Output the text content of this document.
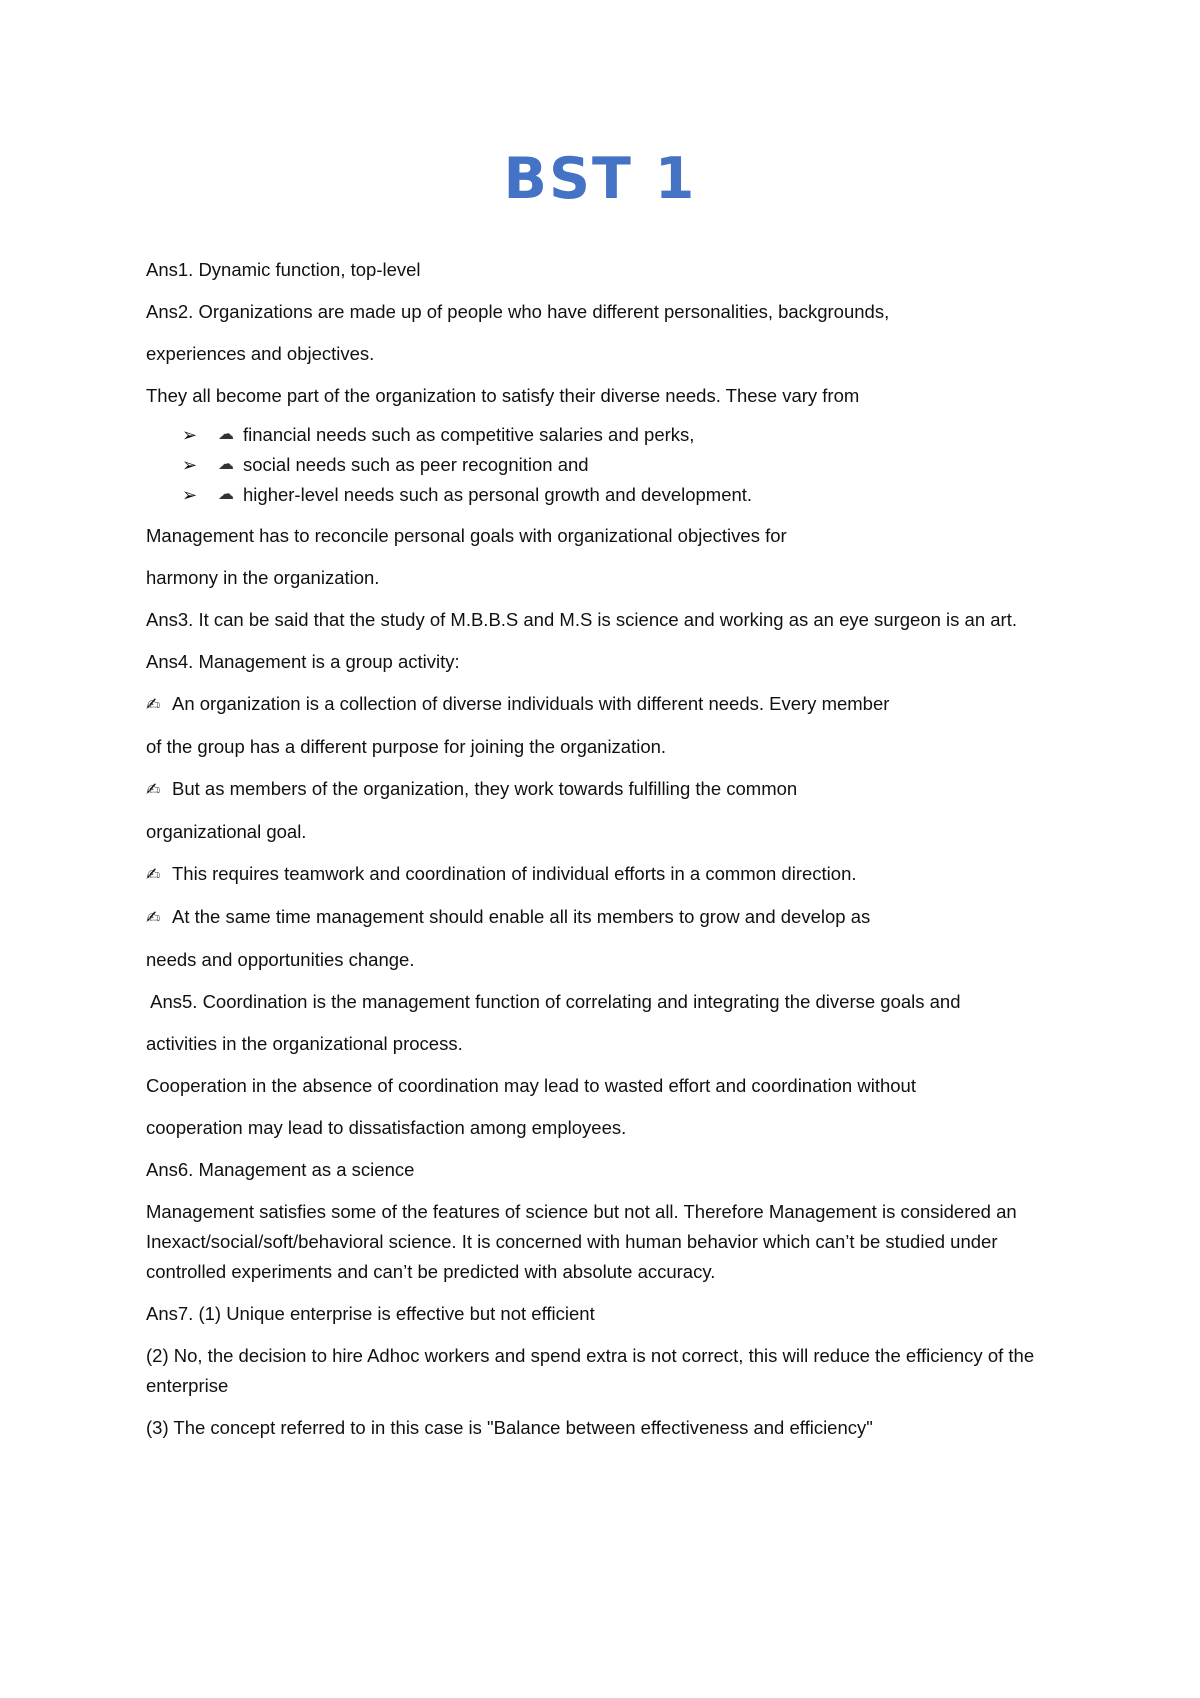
BST 1

Ans1. Dynamic function, top-level

Ans2. Organizations are made up of people who have different personalities, backgrounds,

experiences and objectives.

They all become part of the organization to satisfy their diverse needs. These vary from

➢ ☁ financial needs such as competitive salaries and perks,
➢ ☁ social needs such as peer recognition and
➢ ☁ higher-level needs such as personal growth and development.

Management has to reconcile personal goals with organizational objectives for

harmony in the organization.

Ans3. It can be said that the study of M.B.B.S and M.S is science and working as an eye surgeon is an art.

Ans4. Management is a group activity:

✍ An organization is a collection of diverse individuals with different needs. Every member

of the group has a different purpose for joining the organization.

✍ But as members of the organization, they work towards fulfilling the common

organizational goal.

✍ This requires teamwork and coordination of individual efforts in a common direction.

✍ At the same time management should enable all its members to grow and develop as

needs and opportunities change.

Ans5. Coordination is the management function of correlating and integrating the diverse goals and

activities in the organizational process.

Cooperation in the absence of coordination may lead to wasted effort and coordination without

cooperation may lead to dissatisfaction among employees.

Ans6. Management as a science

Management satisfies some of the features of science but not all. Therefore Management is considered an Inexact/social/soft/behavioral science. It is concerned with human behavior which can’t be studied under controlled experiments and can’t be predicted with absolute accuracy.

Ans7. (1) Unique enterprise is effective but not efficient

(2) No, the decision to hire Adhoc workers and spend extra is not correct, this will reduce the efficiency of the enterprise

(3) The concept referred to in this case is "Balance between effectiveness and efficiency"
